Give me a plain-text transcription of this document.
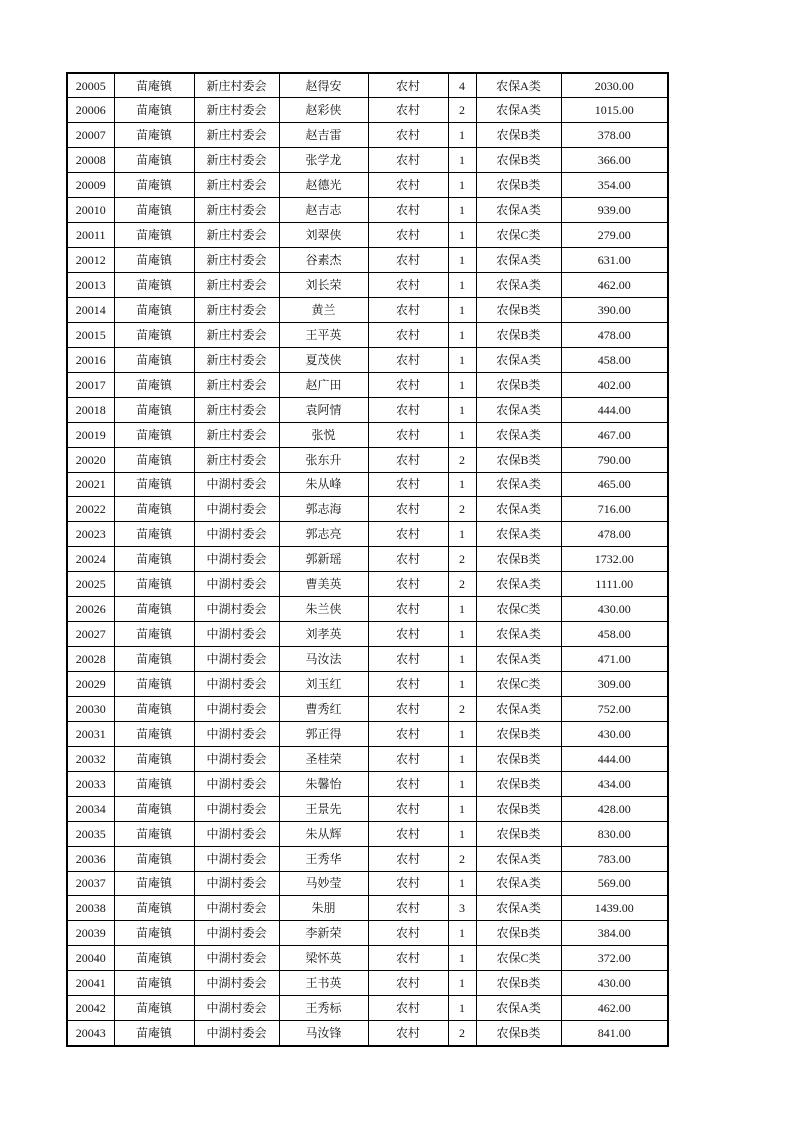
20005	苗庵镇	新庄村委会	赵得安	农村	4	农保A类	2030.00
20006	苗庵镇	新庄村委会	赵彩侠	农村	2	农保A类	1015.00
20007	苗庵镇	新庄村委会	赵吉雷	农村	1	农保B类	378.00
20008	苗庵镇	新庄村委会	张学龙	农村	1	农保B类	366.00
20009	苗庵镇	新庄村委会	赵德光	农村	1	农保B类	354.00
20010	苗庵镇	新庄村委会	赵吉志	农村	1	农保A类	939.00
20011	苗庵镇	新庄村委会	刘翠侠	农村	1	农保C类	279.00
20012	苗庵镇	新庄村委会	谷素杰	农村	1	农保A类	631.00
20013	苗庵镇	新庄村委会	刘长荣	农村	1	农保A类	462.00
20014	苗庵镇	新庄村委会	黄兰	农村	1	农保B类	390.00
20015	苗庵镇	新庄村委会	王平英	农村	1	农保B类	478.00
20016	苗庵镇	新庄村委会	夏茂侠	农村	1	农保A类	458.00
20017	苗庵镇	新庄村委会	赵广田	农村	1	农保B类	402.00
20018	苗庵镇	新庄村委会	袁阿情	农村	1	农保A类	444.00
20019	苗庵镇	新庄村委会	张悦	农村	1	农保A类	467.00
20020	苗庵镇	新庄村委会	张东升	农村	2	农保B类	790.00
20021	苗庵镇	中湖村委会	朱从峰	农村	1	农保A类	465.00
20022	苗庵镇	中湖村委会	郭志海	农村	2	农保A类	716.00
20023	苗庵镇	中湖村委会	郭志亮	农村	1	农保A类	478.00
20024	苗庵镇	中湖村委会	郭新瑶	农村	2	农保B类	1732.00
20025	苗庵镇	中湖村委会	曹美英	农村	2	农保A类	1111.00
20026	苗庵镇	中湖村委会	朱兰侠	农村	1	农保C类	430.00
20027	苗庵镇	中湖村委会	刘孝英	农村	1	农保A类	458.00
20028	苗庵镇	中湖村委会	马汝法	农村	1	农保A类	471.00
20029	苗庵镇	中湖村委会	刘玉红	农村	1	农保C类	309.00
20030	苗庵镇	中湖村委会	曹秀红	农村	2	农保A类	752.00
20031	苗庵镇	中湖村委会	郭正得	农村	1	农保B类	430.00
20032	苗庵镇	中湖村委会	圣桂荣	农村	1	农保B类	444.00
20033	苗庵镇	中湖村委会	朱馨怡	农村	1	农保B类	434.00
20034	苗庵镇	中湖村委会	王景先	农村	1	农保B类	428.00
20035	苗庵镇	中湖村委会	朱从辉	农村	1	农保B类	830.00
20036	苗庵镇	中湖村委会	王秀华	农村	2	农保A类	783.00
20037	苗庵镇	中湖村委会	马妙莹	农村	1	农保A类	569.00
20038	苗庵镇	中湖村委会	朱朋	农村	3	农保A类	1439.00
20039	苗庵镇	中湖村委会	李新荣	农村	1	农保B类	384.00
20040	苗庵镇	中湖村委会	梁怀英	农村	1	农保C类	372.00
20041	苗庵镇	中湖村委会	王书英	农村	1	农保B类	430.00
20042	苗庵镇	中湖村委会	王秀标	农村	1	农保A类	462.00
20043	苗庵镇	中湖村委会	马汝锋	农村	2	农保B类	841.00
